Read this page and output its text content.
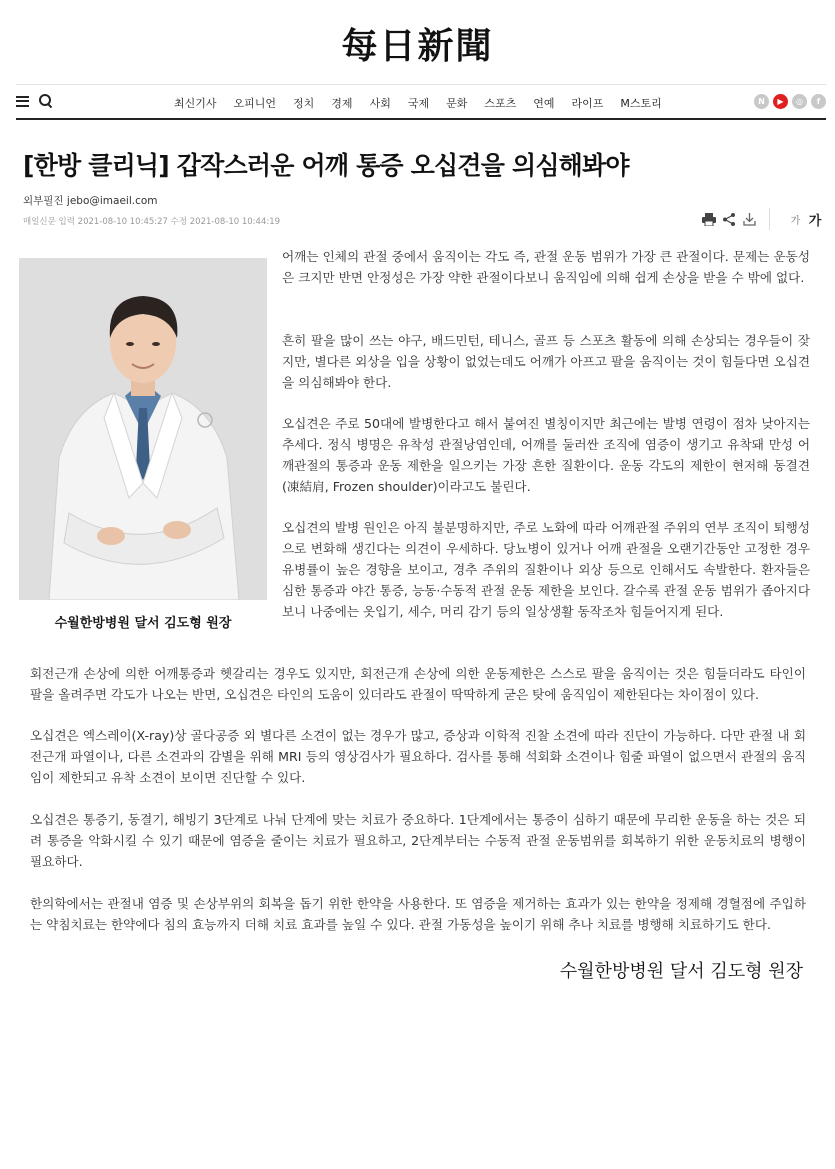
每日新聞
최신기사 오피니언 정치 경제 사회 국제 문화 스포츠 연예 라이프 M스토리	N	▶	◎	f
[한방 클리닉] 갑작스러운 어깨 통증 오십견을 의심해봐야
외부필진 jebo@imaeil.com
매일신문 입력 2021-08-10 10:45:27 수정 2021-08-10 10:44:19	가 가
수월한방병원 달서 김도형 원장

어깨는 인체의 관절 중에서 움직이는 각도 즉, 관절 운동 범위가 가장 큰 관절이다. 문제는 운동성은 크지만 반면 안정성은 가장 약한 관절이다보니 움직임에 의해 쉽게 손상을 받을 수 밖에 없다.

흔히 팔을 많이 쓰는 야구, 배드민턴, 테니스, 골프 등 스포츠 활동에 의해 손상되는 경우들이 잦지만, 별다른 외상을 입을 상황이 없었는데도 어깨가 아프고 팔을 움직이는 것이 힘들다면 오십견을 의심해봐야 한다.

오십견은 주로 50대에 발병한다고 해서 붙여진 별칭이지만 최근에는 발병 연령이 점차 낮아지는 추세다. 정식 병명은 유착성 관절낭염인데, 어깨를 둘러싼 조직에 염증이 생기고 유착돼 만성 어깨관절의 통증과 운동 제한을 일으키는 가장 흔한 질환이다. 운동 각도의 제한이 현저해 동결견(凍結肩, Frozen shoulder)이라고도 불린다.

오십견의 발병 원인은 아직 불분명하지만, 주로 노화에 따라 어깨관절 주위의 연부 조직이 퇴행성으로 변화해 생긴다는 의견이 우세하다. 당뇨병이 있거나 어깨 관절을 오랜기간동안 고정한 경우 유병률이 높은 경향을 보이고, 경추 주위의 질환이나 외상 등으로 인해서도 속발한다. 환자들은 심한 통증과 야간 통증, 능동·수동적 관절 운동 제한을 보인다. 갈수록 관절 운동 범위가 좁아지다보니 나중에는 옷입기, 세수, 머리 감기 등의 일상생활 동작조차 힘들어지게 된다.

회전근개 손상에 의한 어깨통증과 헷갈리는 경우도 있지만, 회전근개 손상에 의한 운동제한은 스스로 팔을 움직이는 것은 힘들더라도 타인이 팔을 올려주면 각도가 나오는 반면, 오십견은 타인의 도움이 있더라도 관절이 딱딱하게 굳은 탓에 움직임이 제한된다는 차이점이 있다.

오십견은 엑스레이(X-ray)상 골다공증 외 별다른 소견이 없는 경우가 많고, 증상과 이학적 진찰 소견에 따라 진단이 가능하다. 다만 관절 내 회전근개 파열이나, 다른 소견과의 감별을 위해 MRI 등의 영상검사가 필요하다. 검사를 통해 석회화 소견이나 힘줄 파열이 없으면서 관절의 움직임이 제한되고 유착 소견이 보이면 진단할 수 있다.

오십견은 통증기, 동결기, 해빙기 3단계로 나눠 단계에 맞는 치료가 중요하다. 1단계에서는 통증이 심하기 때문에 무리한 운동을 하는 것은 되려 통증을 악화시킬 수 있기 때문에 염증을 줄이는 치료가 필요하고, 2단계부터는 수동적 관절 운동범위를 회복하기 위한 운동치료의 병행이 필요하다.

한의학에서는 관절내 염증 및 손상부위의 회복을 돕기 위한 한약을 사용한다. 또 염증을 제거하는 효과가 있는 한약을 정제해 경혈점에 주입하는 약침치료는 한약에다 침의 효능까지 더해 치료 효과를 높일 수 있다. 관절 가동성을 높이기 위해 추나 치료를 병행해 치료하기도 한다.

수월한방병원 달서 김도형 원장
